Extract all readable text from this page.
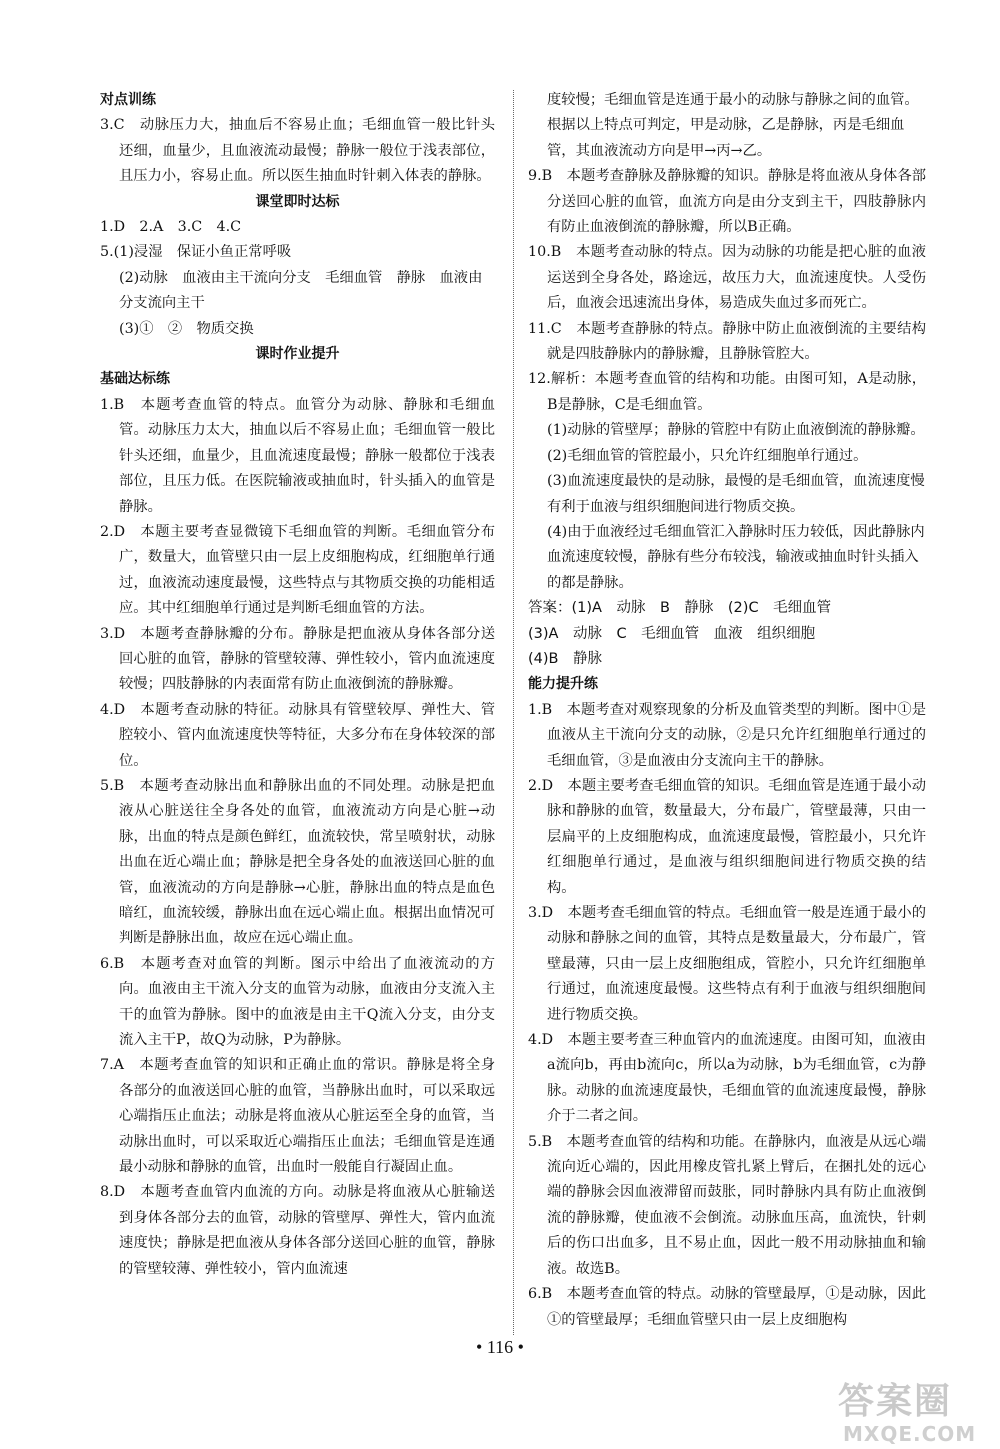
对点训练
3.C　动脉压力大，抽血后不容易止血；毛细血管一般比针头还细，血量少，且血液流动最慢；静脉一般位于浅表部位，且压力小，容易止血。所以医生抽血时针刺入体表的静脉。
课堂即时达标
1.D　2.A　3.C　4.C
5.(1)浸湿　保证小鱼正常呼吸
(2)动脉　血液由主干流向分支　毛细血管　静脉　血液由分支流向主干
(3)①　②　物质交换
课时作业提升
基础达标练
1.B　本题考查血管的特点。血管分为动脉、静脉和毛细血管。动脉压力太大，抽血以后不容易止血；毛细血管一般比针头还细，血量少，且血流速度最慢；静脉一般都位于浅表部位，且压力低。在医院输液或抽血时，针头插入的血管是静脉。
2.D　本题主要考查显微镜下毛细血管的判断。毛细血管分布广，数量大，血管壁只由一层上皮细胞构成，红细胞单行通过，血液流动速度最慢，这些特点与其物质交换的功能相适应。其中红细胞单行通过是判断毛细血管的方法。
3.D　本题考查静脉瓣的分布。静脉是把血液从身体各部分送回心脏的血管，静脉的管壁较薄、弹性较小，管内血流速度较慢；四肢静脉的内表面常有防止血液倒流的静脉瓣。
4.D　本题考查动脉的特征。动脉具有管壁较厚、弹性大、管腔较小、管内血流速度快等特征，大多分布在身体较深的部位。
5.B　本题考查动脉出血和静脉出血的不同处理。动脉是把血液从心脏送往全身各处的血管，血液流动方向是心脏→动脉，出血的特点是颜色鲜红，血流较快，常呈喷射状，动脉出血在近心端止血；静脉是把全身各处的血液送回心脏的血管，血液流动的方向是静脉→心脏，静脉出血的特点是血色暗红，血流较缓，静脉出血在远心端止血。根据出血情况可判断是静脉出血，故应在远心端止血。
6.B　本题考查对血管的判断。图示中给出了血液流动的方向。血液由主干流入分支的血管为动脉，血液由分支流入主干的血管为静脉。图中的血液是由主干Q流入分支，由分支流入主干P，故Q为动脉，P为静脉。
7.A　本题考查血管的知识和正确止血的常识。静脉是将全身各部分的血液送回心脏的血管，当静脉出血时，可以采取远心端指压止血法；动脉是将血液从心脏运至全身的血管，当动脉出血时，可以采取近心端指压止血法；毛细血管是连通最小动脉和静脉的血管，出血时一般能自行凝固止血。
8.D　本题考查血管内血流的方向。动脉是将血液从心脏输送到身体各部分去的血管，动脉的管壁厚、弹性大，管内血流速度快；静脉是把血液从身体各部分送回心脏的血管，静脉的管壁较薄、弹性较小，管内血流速
度较慢；毛细血管是连通于最小的动脉与静脉之间的血管。根据以上特点可判定，甲是动脉，乙是静脉，丙是毛细血管，其血液流动方向是甲→丙→乙。
9.B　本题考查静脉及静脉瓣的知识。静脉是将血液从身体各部分送回心脏的血管，血流方向是由分支到主干，四肢静脉内有防止血液倒流的静脉瓣，所以B正确。
10.B　本题考查动脉的特点。因为动脉的功能是把心脏的血液运送到全身各处，路途远，故压力大，血流速度快。人受伤后，血液会迅速流出身体，易造成失血过多而死亡。
11.C　本题考查静脉的特点。静脉中防止血液倒流的主要结构就是四肢静脉内的静脉瓣，且静脉管腔大。
12.解析：本题考查血管的结构和功能。由图可知，A是动脉，B是静脉，C是毛细血管。
(1)动脉的管壁厚；静脉的管腔中有防止血液倒流的静脉瓣。
(2)毛细血管的管腔最小，只允许红细胞单行通过。
(3)血流速度最快的是动脉，最慢的是毛细血管，血流速度慢有利于血液与组织细胞间进行物质交换。
(4)由于血液经过毛细血管汇入静脉时压力较低，因此静脉内血流速度较慢，静脉有些分布较浅，输液或抽血时针头插入的都是静脉。
答案：(1)A　动脉　B　静脉　(2)C　毛细血管
(3)A　动脉　C　毛细血管　血液　组织细胞
(4)B　静脉
能力提升练
1.B　本题考查对观察现象的分析及血管类型的判断。图中①是血液从主干流向分支的动脉，②是只允许红细胞单行通过的毛细血管，③是血液由分支流向主干的静脉。
2.D　本题主要考查毛细血管的知识。毛细血管是连通于最小动脉和静脉的血管，数量最大，分布最广，管壁最薄，只由一层扁平的上皮细胞构成，血流速度最慢，管腔最小，只允许红细胞单行通过，是血液与组织细胞间进行物质交换的结构。
3.D　本题考查毛细血管的特点。毛细血管一般是连通于最小的动脉和静脉之间的血管，其特点是数量最大，分布最广，管壁最薄，只由一层上皮细胞组成，管腔小，只允许红细胞单行通过，血流速度最慢。这些特点有利于血液与组织细胞间进行物质交换。
4.D　本题主要考查三种血管内的血流速度。由图可知，血液由a流向b，再由b流向c，所以a为动脉，b为毛细血管，c为静脉。动脉的血流速度最快，毛细血管的血流速度最慢，静脉介于二者之间。
5.B　本题考查血管的结构和功能。在静脉内，血液是从远心端流向近心端的，因此用橡皮管扎紧上臂后，在捆扎处的远心端的静脉会因血液滞留而鼓胀，同时静脉内具有防止血液倒流的静脉瓣，使血液不会倒流。动脉血压高，血流快，针刺后的伤口出血多，且不易止血，因此一般不用动脉抽血和输液。故选B。
6.B　本题考查血管的特点。动脉的管壁最厚，①是动脉，因此①的管壁最厚；毛细血管壁只由一层上皮细胞构
• 116 •
答案圈
MXQE.COM
